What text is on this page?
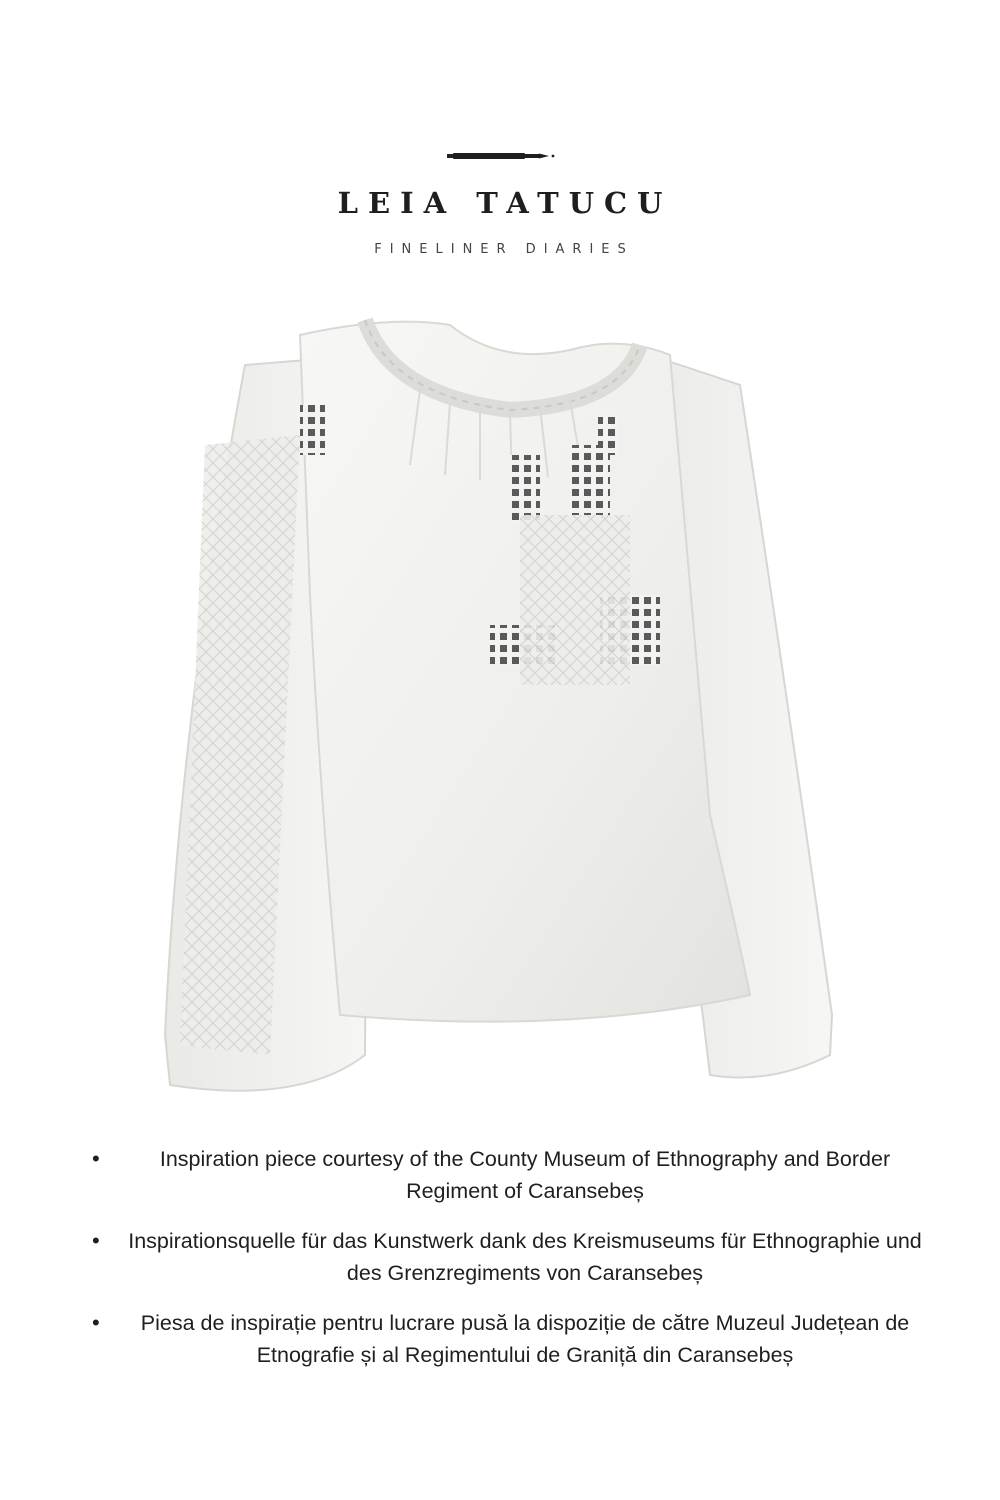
LEIA TATUCU
FINELINER DIARIES
•	Inspiration piece courtesy of the County Museum of Ethnography and Border Regiment of Caransebeș
• Inspirationsquelle für das Kunstwerk dank des Kreismuseums für Ethnographie und des Grenzregiments von Caransebeș
• Piesa de inspirație pentru lucrare pusă la dispoziție de către Muzeul Județean de Etnografie și al Regimentului de Graniță din Caransebeș
